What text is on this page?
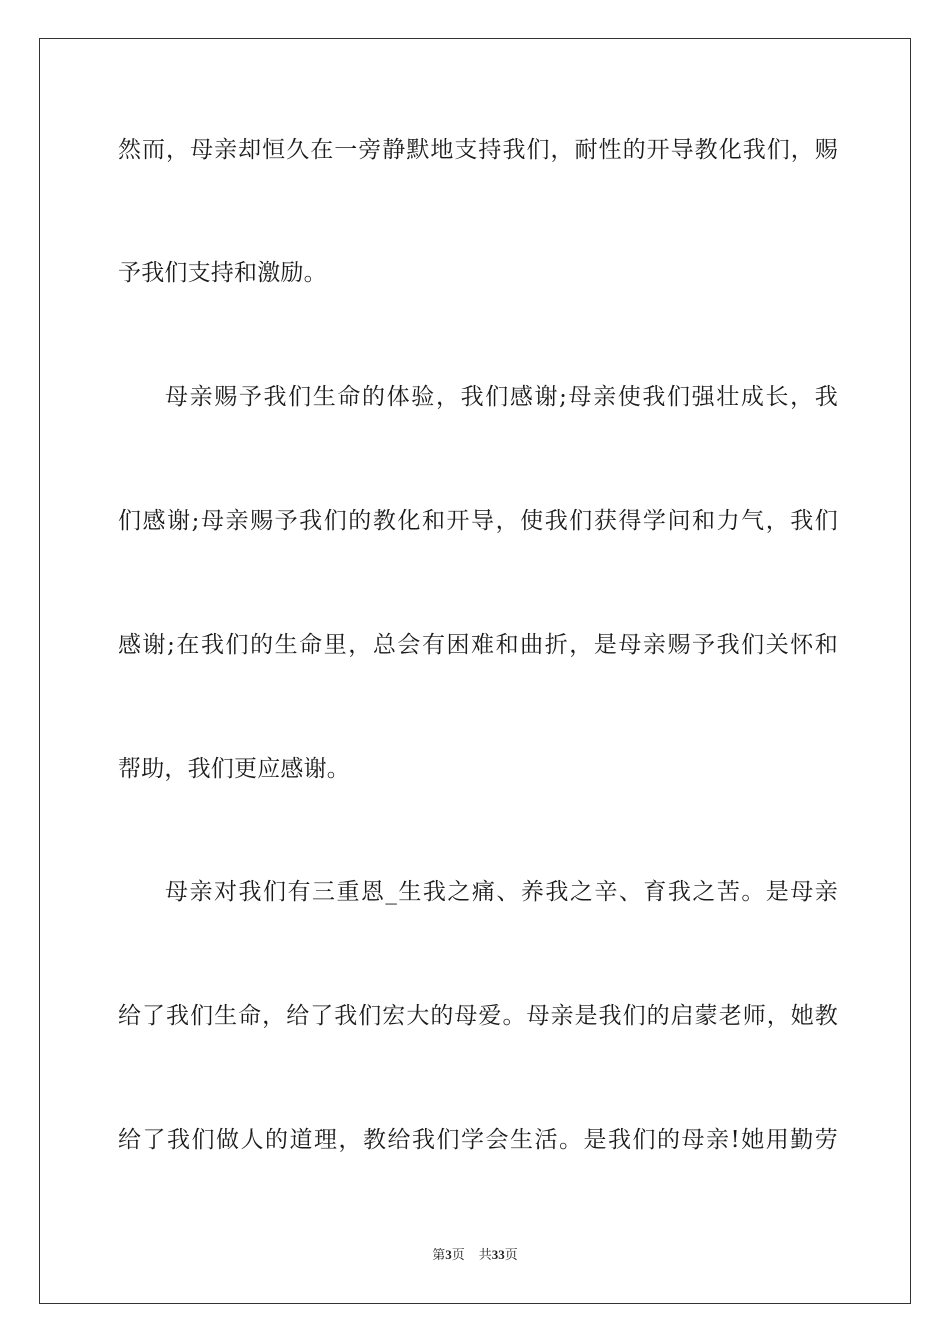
然而，母亲却恒久在一旁静默地支持我们，耐性的开导教化我们，赐
予我们支持和激励。
母亲赐予我们生命的体验，我们感谢;母亲使我们强壮成长，我
们感谢;母亲赐予我们的教化和开导，使我们获得学问和力气，我们
感谢;在我们的生命里，总会有困难和曲折，是母亲赐予我们关怀和
帮助，我们更应感谢。
母亲对我们有三重恩_生我之痛、养我之辛、育我之苦。是母亲
给了我们生命，给了我们宏大的母爱。母亲是我们的启蒙老师，她教
给了我们做人的道理，教给我们学会生活。是我们的母亲!她用勤劳
第3页 共33页
